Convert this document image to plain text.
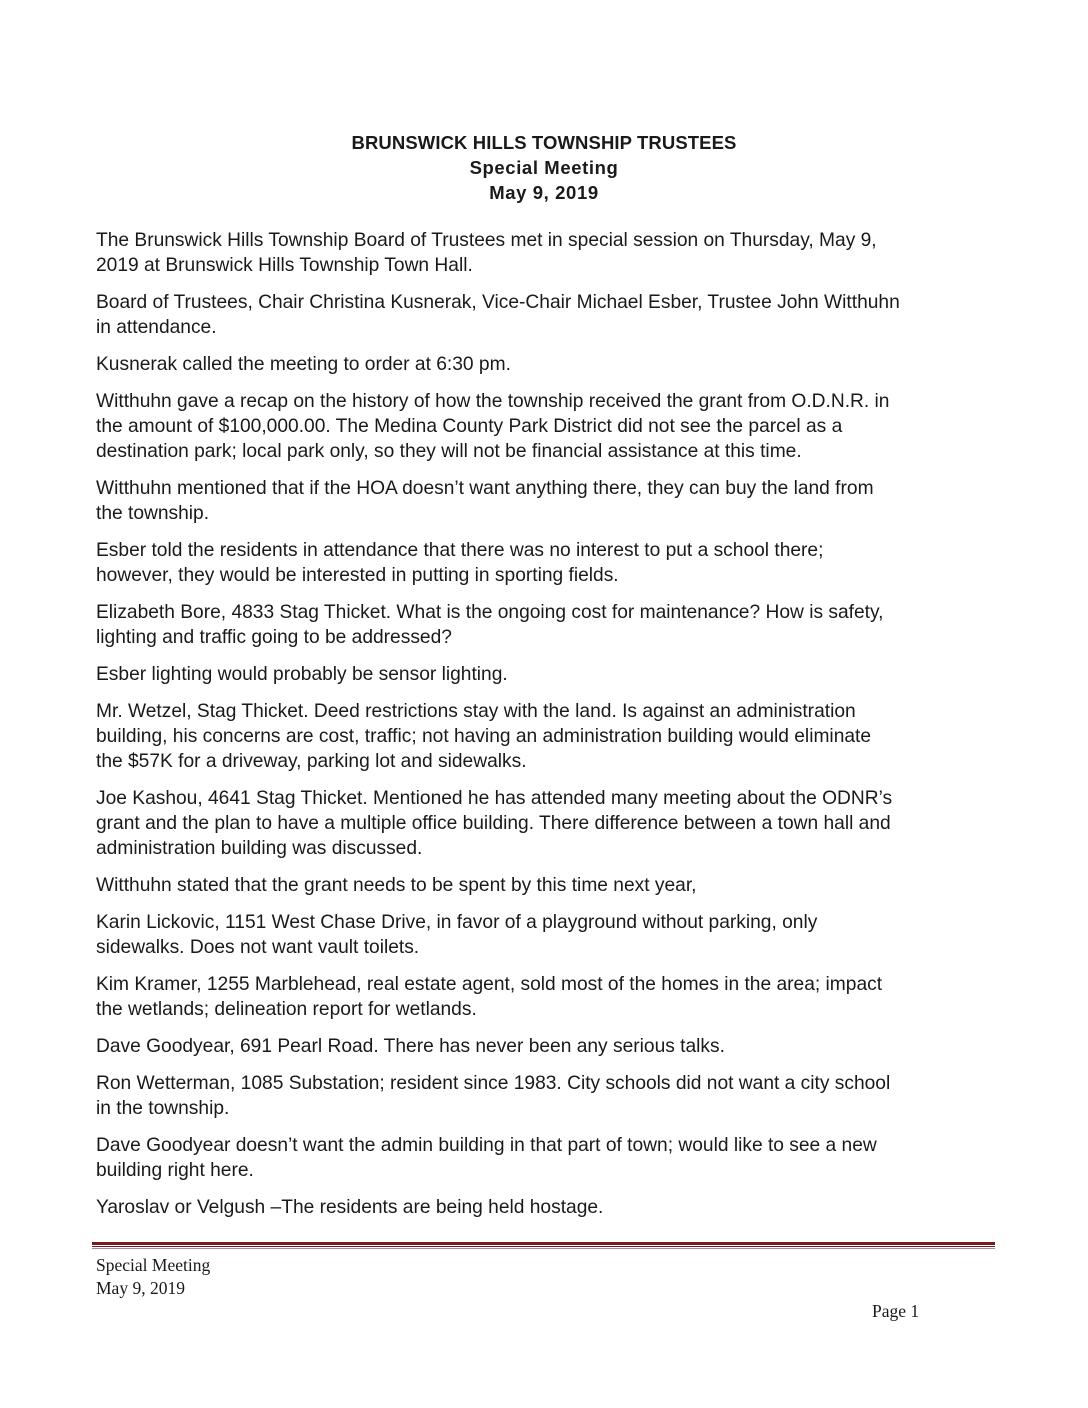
BRUNSWICK HILLS TOWNSHIP TRUSTEES
Special Meeting
May 9, 2019

The Brunswick Hills Township Board of Trustees met in special session on Thursday, May 9,
2019 at Brunswick Hills Township Town Hall.

Board of Trustees, Chair Christina Kusnerak, Vice-Chair Michael Esber, Trustee John Witthuhn
in attendance.

Kusnerak called the meeting to order at 6:30 pm.

Witthuhn gave a recap on the history of how the township received the grant from O.D.N.R. in
the amount of $100,000.00. The Medina County Park District did not see the parcel as a
destination park; local park only, so they will not be financial assistance at this time.

Witthuhn mentioned that if the HOA doesn’t want anything there, they can buy the land from
the township.

Esber told the residents in attendance that there was no interest to put a school there;
however, they would be interested in putting in sporting fields.

Elizabeth Bore, 4833 Stag Thicket. What is the ongoing cost for maintenance? How is safety,
lighting and traffic going to be addressed?

Esber lighting would probably be sensor lighting.

Mr. Wetzel, Stag Thicket. Deed restrictions stay with the land. Is against an administration
building, his concerns are cost, traffic; not having an administration building would eliminate
the $57K for a driveway, parking lot and sidewalks.

Joe Kashou, 4641 Stag Thicket. Mentioned he has attended many meeting about the ODNR’s
grant and the plan to have a multiple office building. There difference between a town hall and
administration building was discussed.

Witthuhn stated that the grant needs to be spent by this time next year,

Karin Lickovic, 1151 West Chase Drive, in favor of a playground without parking, only
sidewalks. Does not want vault toilets.

Kim Kramer, 1255 Marblehead, real estate agent, sold most of the homes in the area; impact
the wetlands; delineation report for wetlands.

Dave Goodyear, 691 Pearl Road. There has never been any serious talks.

Ron Wetterman, 1085 Substation; resident since 1983. City schools did not want a city school
in the township.

Dave Goodyear doesn’t want the admin building in that part of town; would like to see a new
building right here.

Yaroslav or Velgush –The residents are being held hostage.

Special Meeting
May 9, 2019
Page 1
